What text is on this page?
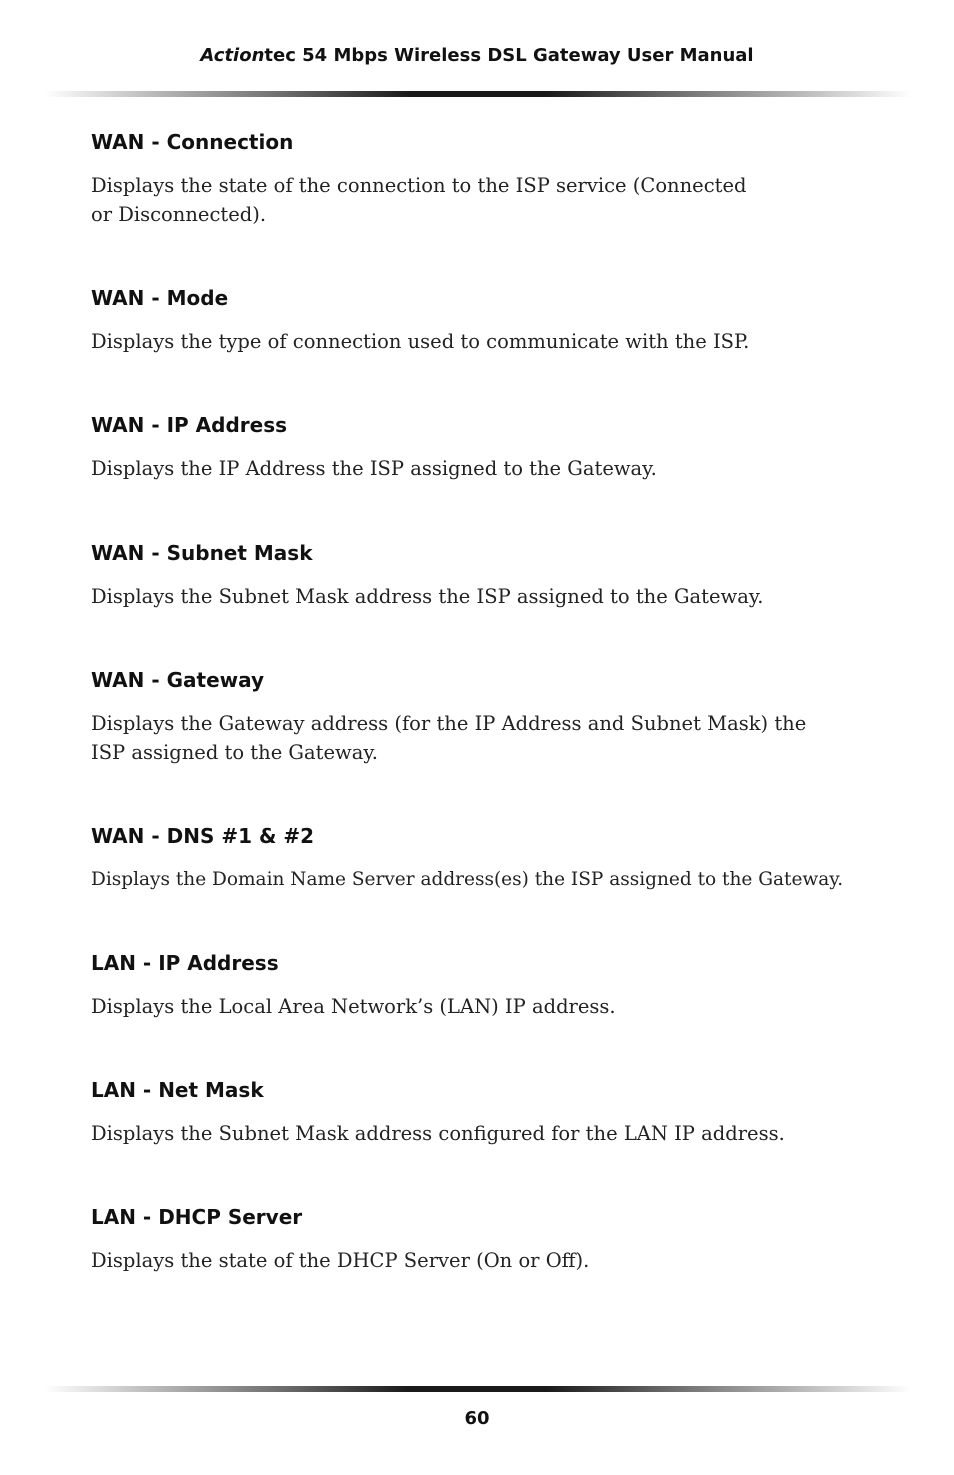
Actiontec 54 Mbps Wireless DSL Gateway User Manual
WAN - Connection

Displays the state of the connection to the ISP service (Connected or Disconnected).

WAN - Mode

Displays the type of connection used to communicate with the ISP.

WAN - IP Address

Displays the IP Address the ISP assigned to the Gateway.

WAN - Subnet Mask

Displays the Subnet Mask address the ISP assigned to the Gateway.

WAN - Gateway

Displays the Gateway address (for the IP Address and Subnet Mask) the ISP assigned to the Gateway.

WAN - DNS #1 & #2

Displays the Domain Name Server address(es) the ISP assigned to the Gateway.

LAN - IP Address

Displays the Local Area Network’s (LAN) IP address.

LAN - Net Mask

Displays the Subnet Mask address configured for the LAN IP address.

LAN - DHCP Server

Displays the state of the DHCP Server (On or Off).

60
